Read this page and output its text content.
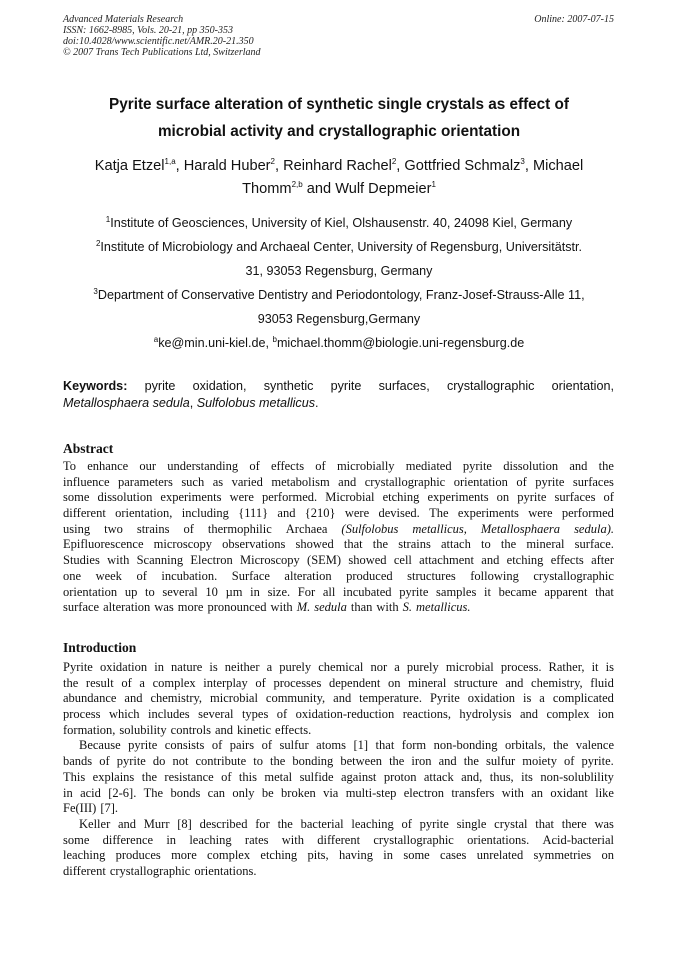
Advanced Materials Research
ISSN: 1662-8985, Vols. 20-21, pp 350-353
doi:10.4028/www.scientific.net/AMR.20-21.350
© 2007 Trans Tech Publications Ltd, Switzerland
Online: 2007-07-15
Pyrite surface alteration of synthetic single crystals as effect of
microbial activity and crystallographic orientation
Katja Etzel$^{1,a}$, Harald Huber$^2$, Reinhard Rachel$^2$, Gottfried Schmalz$^3$, Michael
Thomm$^{2,b}$ and Wulf Depmeier$^1$
$^1$Institute of Geosciences, University of Kiel, Olshausenstr. 40, 24098 Kiel, Germany
$^2$Institute of Microbiology and Archaeal Center, University of Regensburg, Universitätstr.
31, 93053 Regensburg, Germany
$^3$Department of Conservative Dentistry and Periodontology, Franz-Josef-Strauss-Alle 11,
93053 Regensburg,Germany
$^a$ke@min.uni-kiel.de, $^b$michael.thomm@biologie.uni-regensburg.de
Keywords: pyrite oxidation, synthetic pyrite surfaces, crystallographic orientation,
Metallosphaera sedula, Sulfolobus metallicus.
Abstract
To enhance our understanding of effects of microbially mediated pyrite dissolution and the
influence parameters such as varied metabolism and crystallographic orientation of pyrite surfaces
some dissolution experiments were performed. Microbial etching experiments on pyrite surfaces of
different orientation, including {111} and {210} were devised. The experiments were performed
using two strains of thermophilic Archaea (Sulfolobus metallicus, Metallosphaera sedula).
Epifluorescence microscopy observations showed that the strains attach to the mineral surface.
Studies with Scanning Electron Microscopy (SEM) showed cell attachment and etching effects after
one week of incubation. Surface alteration produced structures following crystallographic
orientation up to several 10 µm in size. For all incubated pyrite samples it became apparent that
surface alteration was more pronounced with M. sedula than with S. metallicus.
Introduction
Pyrite oxidation in nature is neither a purely chemical nor a purely microbial process. Rather, it is
the result of a complex interplay of processes dependent on mineral structure and chemistry, fluid
abundance and chemistry, microbial community, and temperature. Pyrite oxidation is a complicated
process which includes several types of oxidation-reduction reactions, hydrolysis and complex ion
formation, solubility controls and kinetic effects.
Because pyrite consists of pairs of sulfur atoms [1] that form non-bonding orbitals, the valence
bands of pyrite do not contribute to the bonding between the iron and the sulfur moiety of pyrite.
This explains the resistance of this metal sulfide against proton attack and, thus, its non-solublility
in acid [2-6]. The bonds can only be broken via multi-step electron transfers with an oxidant like
Fe(III) [7].
Keller and Murr [8] described for the bacterial leaching of pyrite single crystal that there was
some difference in leaching rates with different crystallographic orientations. Acid-bacterial
leaching produces more complex etching pits, having in some cases unrelated symmetries on
different crystallographic orientations.
